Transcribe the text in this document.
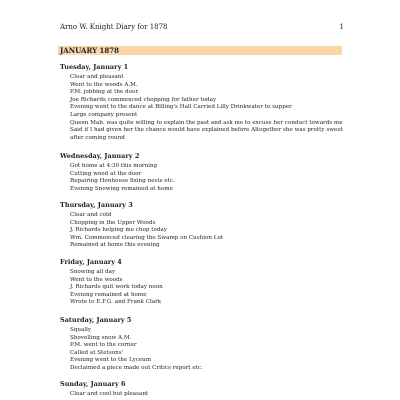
Arno W. Knight Diary for 1878	1
JANUARY 1878
Tuesday, January 1
Clear and pleasant
Went to the woods A.M.
P.M. jobbing at the door
Joe Richards commenced chopping for father today
Evening went to the dance at Billing's Hall Carried Lilly Drinkwater to supper
Large company present
Queen Mab. was quite willing to explain the past and ask me to excuse her conduct towards me
Said if I had given her the chance would have explained before Altogether she was pretty sweet
after coming round
Wednesday, January 2
Got home at 4:30 this morning
Cutting wood at the door
Repairing Henhouse fixing nests etc.
Evening Snowing remained at home
Thursday, January 3
Clear and cold
Chopping in the Upper Woods
J. Richards helping me chop today
Wm. Commenced clearing the Swamp on Cushion Lot
Remained at home this evening
Friday, January 4
Snowing all day
Went to the woods
J. Richards quit work today noon
Evening remained at home
Wrote to E.F.G. and Frank Clark
Saturday, January 5
Squally
Shovelling snow A.M.
P.M. went to the corner
Called at Stetsons'
Evening went to the Lyceum
Declaimed a piece made out Critics report etc.
Sunday, January 6
Clear and cool but pleasant
